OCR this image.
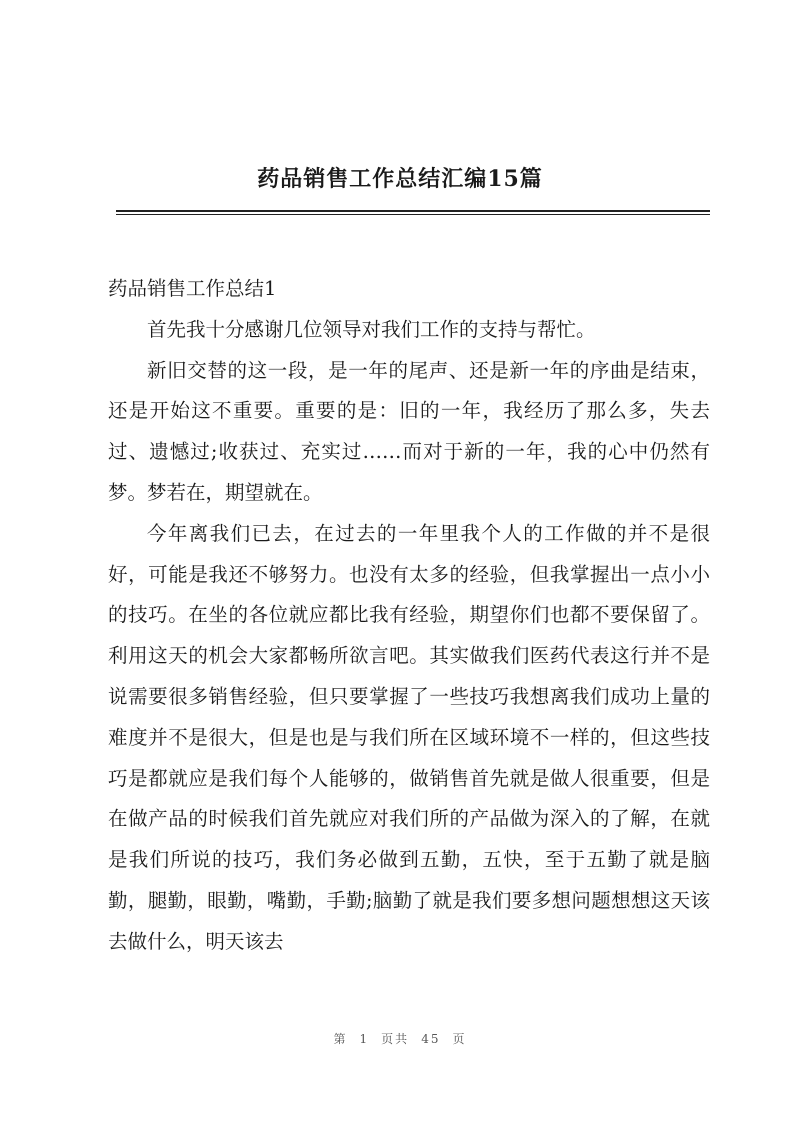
药品销售工作总结汇编15篇

药品销售工作总结1

首先我十分感谢几位领导对我们工作的支持与帮忙。

新旧交替的这一段，是一年的尾声、还是新一年的序曲是结束，还是开始这不重要。重要的是：旧的一年，我经历了那么多，失去过、遗憾过;收获过、充实过……而对于新的一年，我的心中仍然有梦。梦若在，期望就在。

今年离我们已去，在过去的一年里我个人的工作做的并不是很好，可能是我还不够努力。也没有太多的经验，但我掌握出一点小小的技巧。在坐的各位就应都比我有经验，期望你们也都不要保留了。利用这天的机会大家都畅所欲言吧。其实做我们医药代表这行并不是说需要很多销售经验，但只要掌握了一些技巧我想离我们成功上量的难度并不是很大，但是也是与我们所在区域环境不一样的，但这些技巧是都就应是我们每个人能够的，做销售首先就是做人很重要，但是在做产品的时候我们首先就应对我们所的产品做为深入的了解，在就是我们所说的技巧，我们务必做到五勤，五快，至于五勤了就是脑勤，腿勤，眼勤，嘴勤，手勤;脑勤了就是我们要多想问题想想这天该去做什么，明天该去

第 1 页共 45 页
